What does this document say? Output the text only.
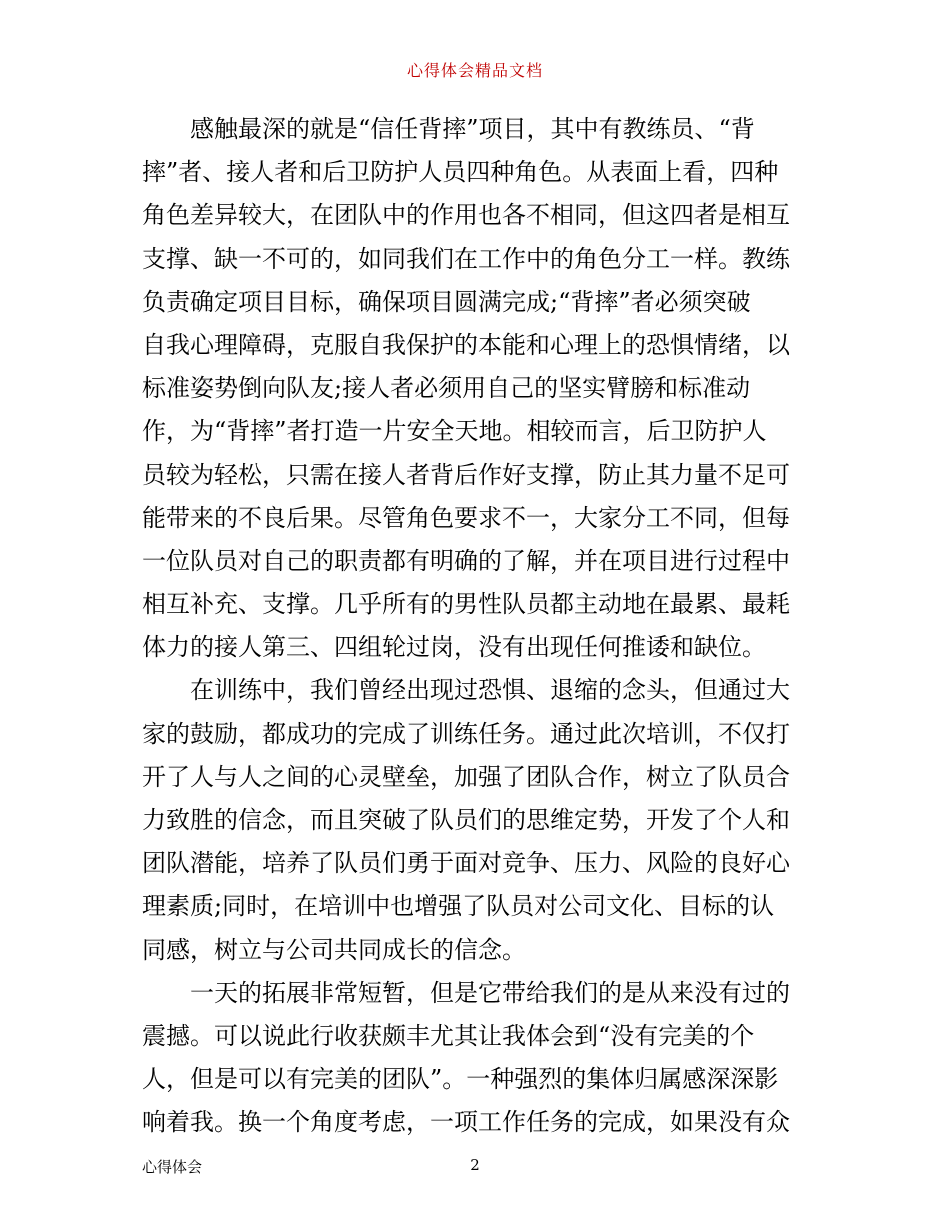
心得体会精品文档
感触最深的就是“信任背摔”项目，其中有教练员、“背
摔”者、接人者和后卫防护人员四种角色。从表面上看，四种
角色差异较大，在团队中的作用也各不相同，但这四者是相互
支撑、缺一不可的，如同我们在工作中的角色分工一样。教练
负责确定项目目标，确保项目圆满完成;“背摔”者必须突破
自我心理障碍，克服自我保护的本能和心理上的恐惧情绪，以
标准姿势倒向队友;接人者必须用自己的坚实臂膀和标准动
作，为“背摔”者打造一片安全天地。相较而言，后卫防护人
员较为轻松，只需在接人者背后作好支撑，防止其力量不足可
能带来的不良后果。尽管角色要求不一，大家分工不同，但每
一位队员对自己的职责都有明确的了解，并在项目进行过程中
相互补充、支撑。几乎所有的男性队员都主动地在最累、最耗
体力的接人第三、四组轮过岗，没有出现任何推诿和缺位。
在训练中，我们曾经出现过恐惧、退缩的念头，但通过大
家的鼓励，都成功的完成了训练任务。通过此次培训，不仅打
开了人与人之间的心灵壁垒，加强了团队合作，树立了队员合
力致胜的信念，而且突破了队员们的思维定势，开发了个人和
团队潜能，培养了队员们勇于面对竞争、压力、风险的良好心
理素质;同时，在培训中也增强了队员对公司文化、目标的认
同感，树立与公司共同成长的信念。
一天的拓展非常短暂，但是它带给我们的是从来没有过的
震撼。可以说此行收获颇丰尤其让我体会到“没有完美的个
人，但是可以有完美的团队”。一种强烈的集体归属感深深影
响着我。换一个角度考虑，一项工作任务的完成，如果没有众
心得体会	2
